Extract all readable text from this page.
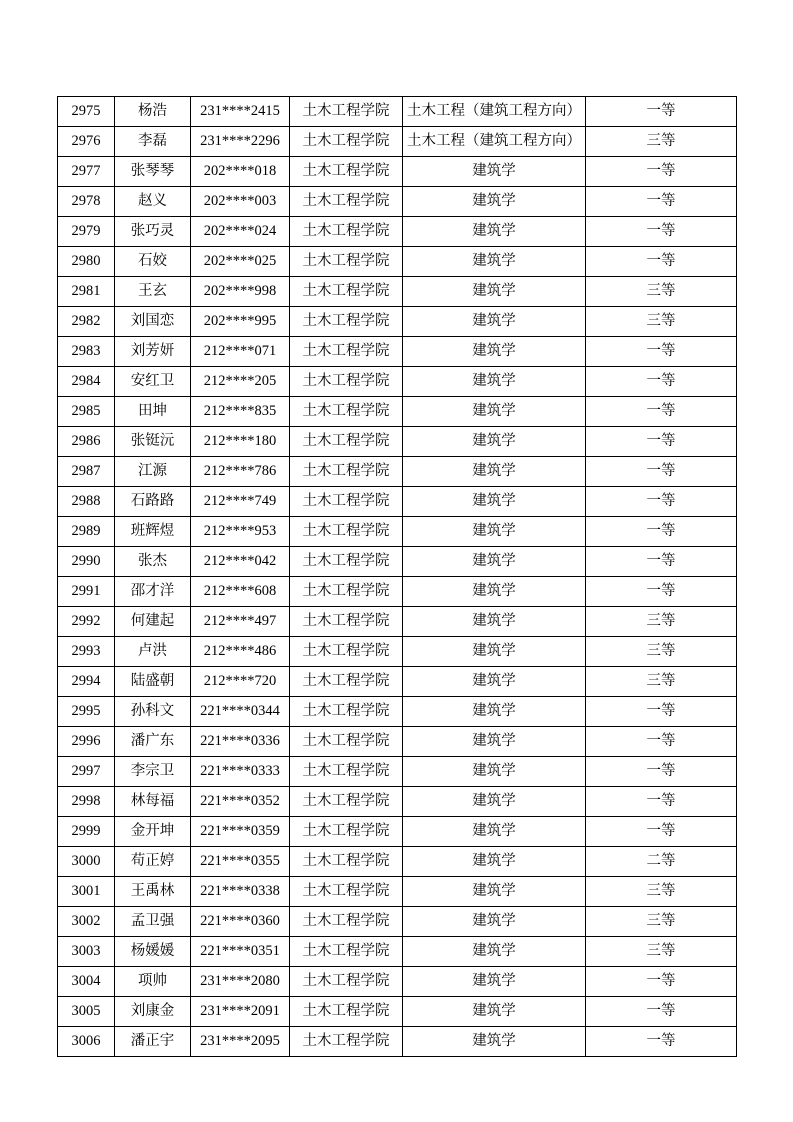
2975	杨浩	231****2415	土木工程学院	土木工程（建筑工程方向）	一等
2976	李磊	231****2296	土木工程学院	土木工程（建筑工程方向）	三等
2977	张琴琴	202****018	土木工程学院	建筑学	一等
2978	赵义	202****003	土木工程学院	建筑学	一等
2979	张巧灵	202****024	土木工程学院	建筑学	一等
2980	石姣	202****025	土木工程学院	建筑学	一等
2981	王玄	202****998	土木工程学院	建筑学	三等
2982	刘国恋	202****995	土木工程学院	建筑学	三等
2983	刘芳妍	212****071	土木工程学院	建筑学	一等
2984	安红卫	212****205	土木工程学院	建筑学	一等
2985	田坤	212****835	土木工程学院	建筑学	一等
2986	张铤沅	212****180	土木工程学院	建筑学	一等
2987	江源	212****786	土木工程学院	建筑学	一等
2988	石路路	212****749	土木工程学院	建筑学	一等
2989	班辉煜	212****953	土木工程学院	建筑学	一等
2990	张杰	212****042	土木工程学院	建筑学	一等
2991	邵才洋	212****608	土木工程学院	建筑学	一等
2992	何建起	212****497	土木工程学院	建筑学	三等
2993	卢洪	212****486	土木工程学院	建筑学	三等
2994	陆盛朝	212****720	土木工程学院	建筑学	三等
2995	孙科文	221****0344	土木工程学院	建筑学	一等
2996	潘广东	221****0336	土木工程学院	建筑学	一等
2997	李宗卫	221****0333	土木工程学院	建筑学	一等
2998	林每福	221****0352	土木工程学院	建筑学	一等
2999	金开坤	221****0359	土木工程学院	建筑学	一等
3000	苟正婷	221****0355	土木工程学院	建筑学	二等
3001	王禹林	221****0338	土木工程学院	建筑学	三等
3002	孟卫强	221****0360	土木工程学院	建筑学	三等
3003	杨媛媛	221****0351	土木工程学院	建筑学	三等
3004	项帅	231****2080	土木工程学院	建筑学	一等
3005	刘康金	231****2091	土木工程学院	建筑学	一等
3006	潘正宇	231****2095	土木工程学院	建筑学	一等
